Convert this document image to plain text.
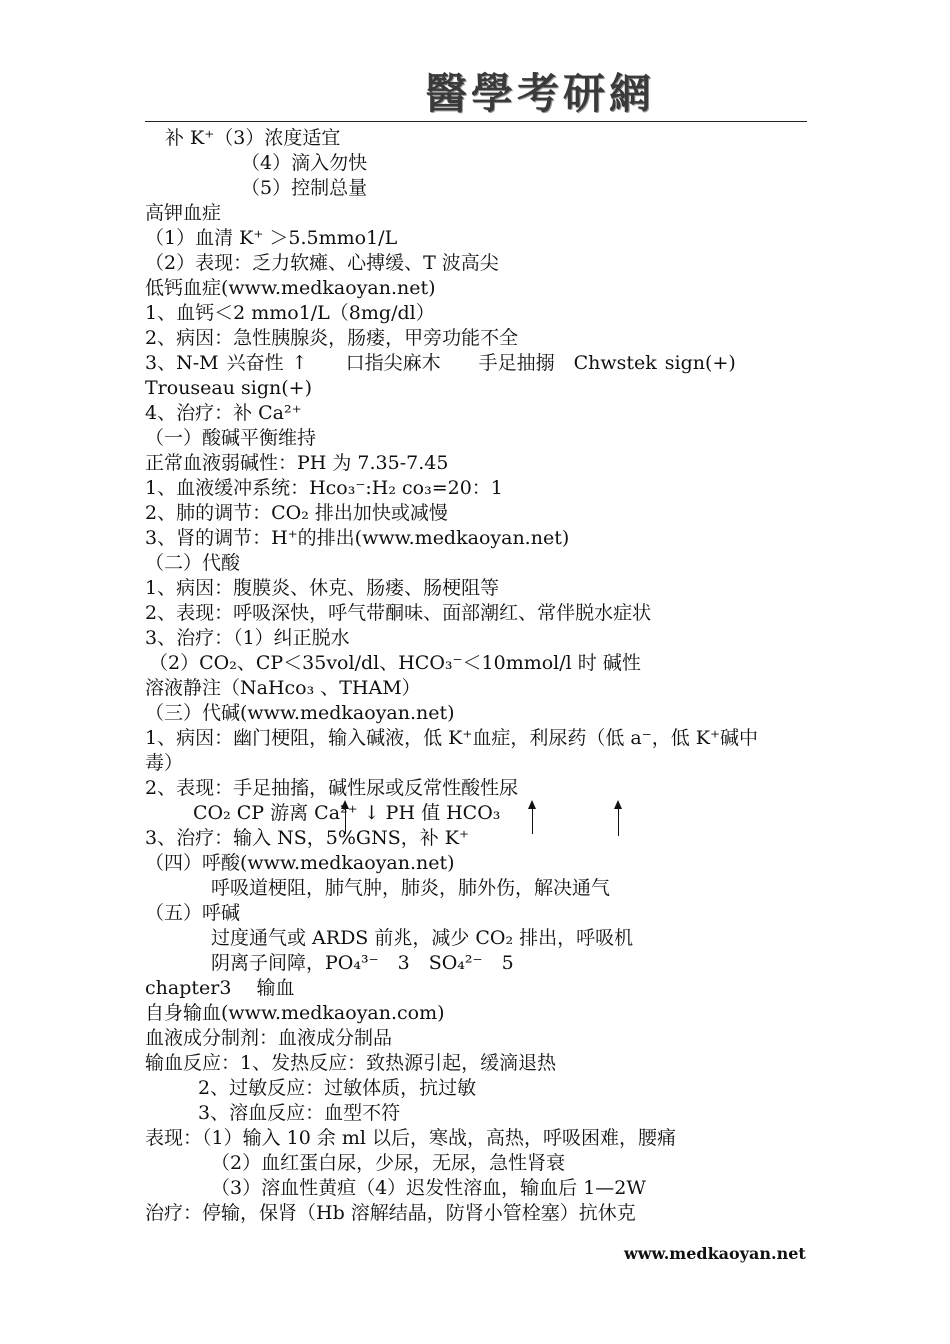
醫學考研網
补 K⁺（3）浓度适宜
（4）滴入勿快
（5）控制总量
高钾血症
（1）血清 K⁺ ＞5.5mmo1/L
（2）表现：乏力软瘫、心搏缓、T 波高尖
低钙血症(www.medkaoyan.net)
1、血钙＜2 mmo1/L（8mg/dl）
2、病因：急性胰腺炎，肠瘘，甲旁功能不全
3、N-M 兴奋性 ↑　　口指尖麻木　　手足抽搦　Chwstek sign(+)
Trouseau sign(+)
4、治疗：补 Ca²⁺
（一）酸碱平衡维持
正常血液弱碱性：PH 为 7.35-7.45
1、血液缓冲系统：Hco₃⁻:H₂ co₃=20：1
2、肺的调节：CO₂ 排出加快或减慢
3、肾的调节：H⁺的排出(www.medkaoyan.net)
（二）代酸
1、病因：腹膜炎、休克、肠瘘、肠梗阻等
2、表现：呼吸深快，呼气带酮味、面部潮红、常伴脱水症状
3、治疗：（1）纠正脱水
（2）CO₂、CP＜35vol/dl、HCO₃⁻＜10mmol/l 时 碱性
溶液静注（NaHco₃ 、THAM）
（三）代碱(www.medkaoyan.net)
1、病因：幽门梗阻，输入碱液，低 K⁺血症，利尿药（低 a⁻，低 K⁺碱中
毒）
2、表现：手足抽搐，碱性尿或反常性酸性尿
CO₂ CP 游离 Ca²⁺ ↓ PH 值 HCO₃
3、治疗：输入 NS，5%GNS，补 K⁺
（四）呼酸(www.medkaoyan.net)
呼吸道梗阻，肺气肿，肺炎，肺外伤，解决通气
（五）呼碱
过度通气或 ARDS 前兆，减少 CO₂ 排出，呼吸机
阴离子间障，PO₄³⁻　3　SO₄²⁻　5
chapter3　 输血
自身输血(www.medkaoyan.com)
血液成分制剂：血液成分制品
输血反应：1、发热反应：致热源引起，缓滴退热
2、过敏反应：过敏体质，抗过敏
3、溶血反应：血型不符
表现：（1）输入 10 余 ml 以后，寒战，高热，呼吸困难，腰痛
（2）血红蛋白尿，少尿，无尿，急性肾衰
（3）溶血性黄疸（4）迟发性溶血，输血后 1—2W
治疗：停输，保肾（Hb 溶解结晶，防肾小管栓塞）抗休克
www.medkaoyan.net
